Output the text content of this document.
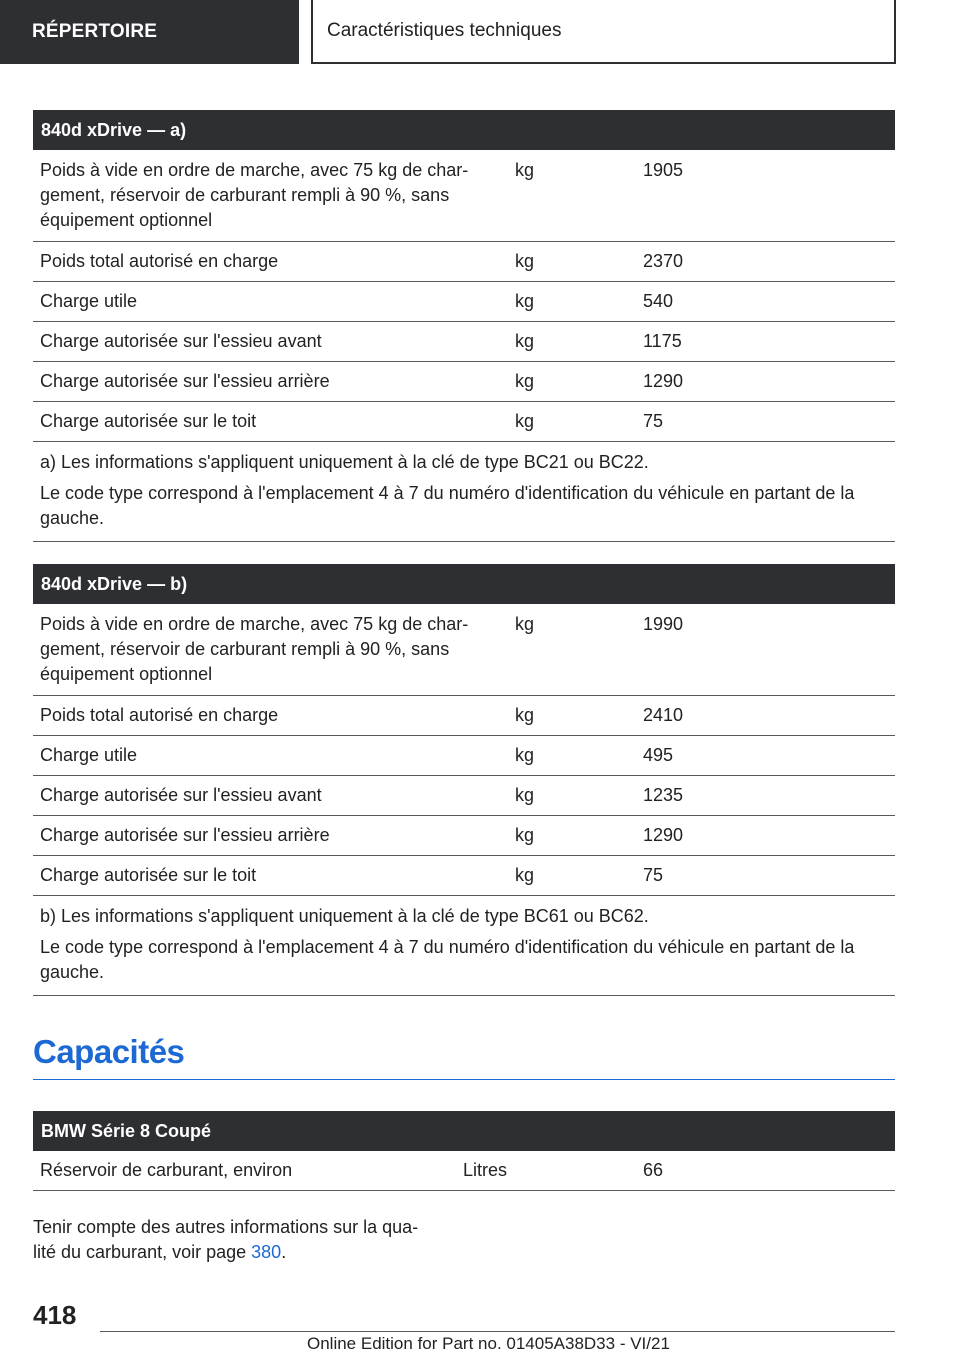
RÉPERTOIRE	Caractéristiques techniques
840d xDrive — a)
Poids à vide en ordre de marche, avec 75 kg de char-
gement, réservoir de carburant rempli à 90 %, sans
équipement optionnel
kg	1905
Poids total autorisé en charge	kg	2370
Charge utile	kg	540
Charge autorisée sur l'essieu avant	kg	1175
Charge autorisée sur l'essieu arrière	kg	1290
Charge autorisée sur le toit	kg	75

a) Les informations s'appliquent uniquement à la clé de type BC21 ou BC22.

Le code type correspond à l'emplacement 4 à 7 du numéro d'identification du véhicule en partant de la gauche.

840d xDrive — b)
Poids à vide en ordre de marche, avec 75 kg de char-
gement, réservoir de carburant rempli à 90 %, sans
équipement optionnel
kg	1990
Poids total autorisé en charge	kg	2410
Charge utile	kg	495
Charge autorisée sur l'essieu avant	kg	1235
Charge autorisée sur l'essieu arrière	kg	1290
Charge autorisée sur le toit	kg	75

b) Les informations s'appliquent uniquement à la clé de type BC61 ou BC62.

Le code type correspond à l'emplacement 4 à 7 du numéro d'identification du véhicule en partant de la gauche.

Capacités
BMW Série 8 Coupé
Réservoir de carburant, environ	Litres	66
Tenir compte des autres informations sur la qua-
lité du carburant, voir page 380.
418
Online Edition for Part no. 01405A38D33 - VI/21
